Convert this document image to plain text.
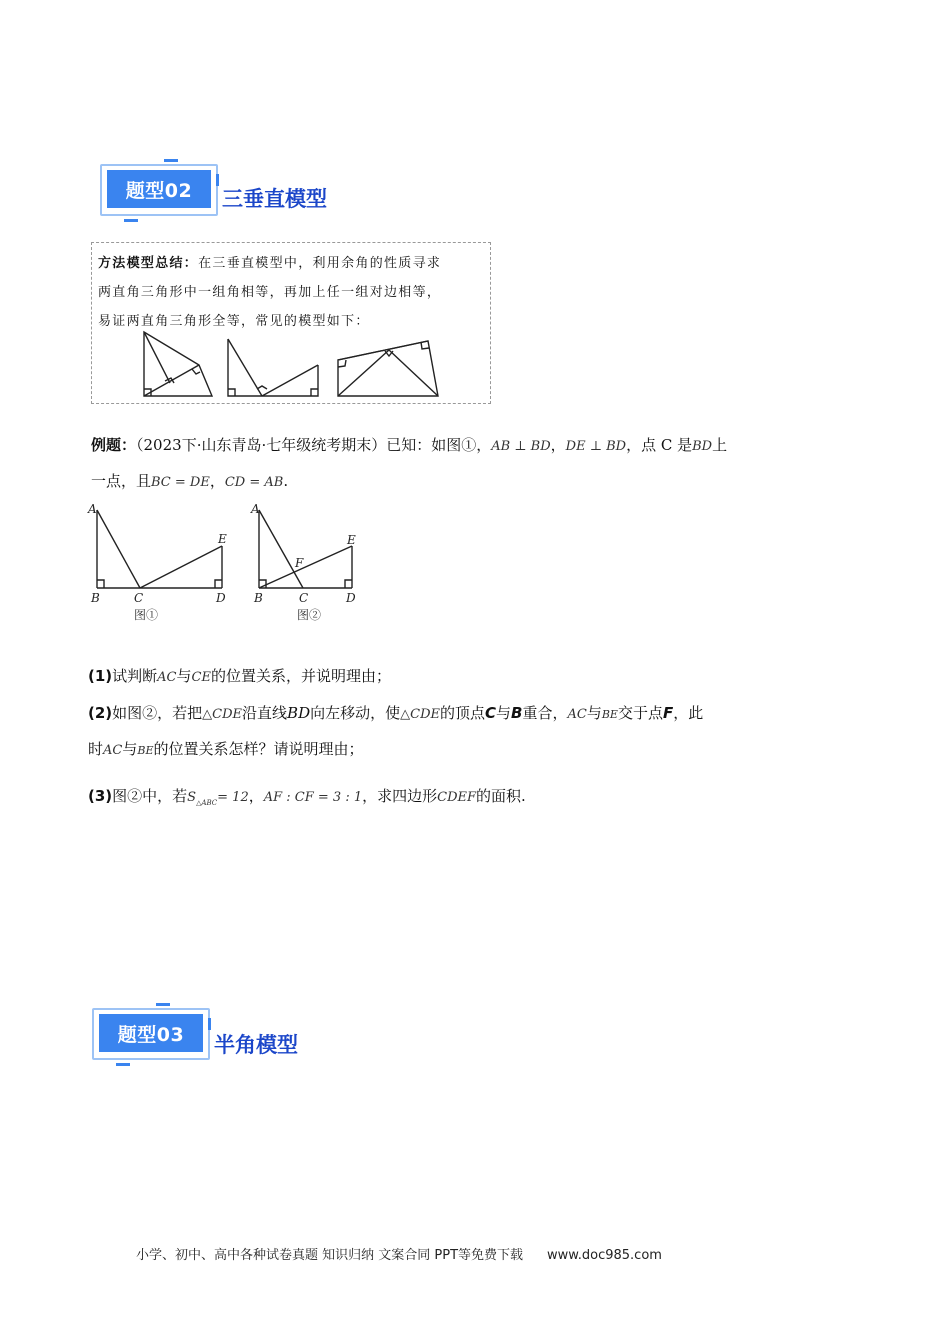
题型02	三垂直模型
方法模型总结：在三垂直模型中，利用余角的性质寻求
两直角三角形中一组角相等，再加上任一组对边相等，
易证两直角三角形全等，常见的模型如下：
例题：（2023下·山东青岛·七年级统考期末）已知：如图①，AB ⊥ BD，DE ⊥ BD，点 C 是BD上
一点，且BC = DE，CD = AB.
A
B	C	D
E
图①
A
B	C	D
E
F
图②
(1)试判断AC与CE的位置关系，并说明理由；
(2)如图②，若把△CDE沿直线BD向左移动，使△CDE的顶点C与B重合，AC与BE交于点F，此
时AC与BE的位置关系怎样？请说明理由；
(3)图②中，若$S_{\triangle ABC}= 12$，AF : CF = 3 : 1，求四边形CDEF的面积.
题型03	半角模型
小学、初中、高中各种试卷真题 知识归纳 文案合同 PPT等免费下载 www.doc985.com
